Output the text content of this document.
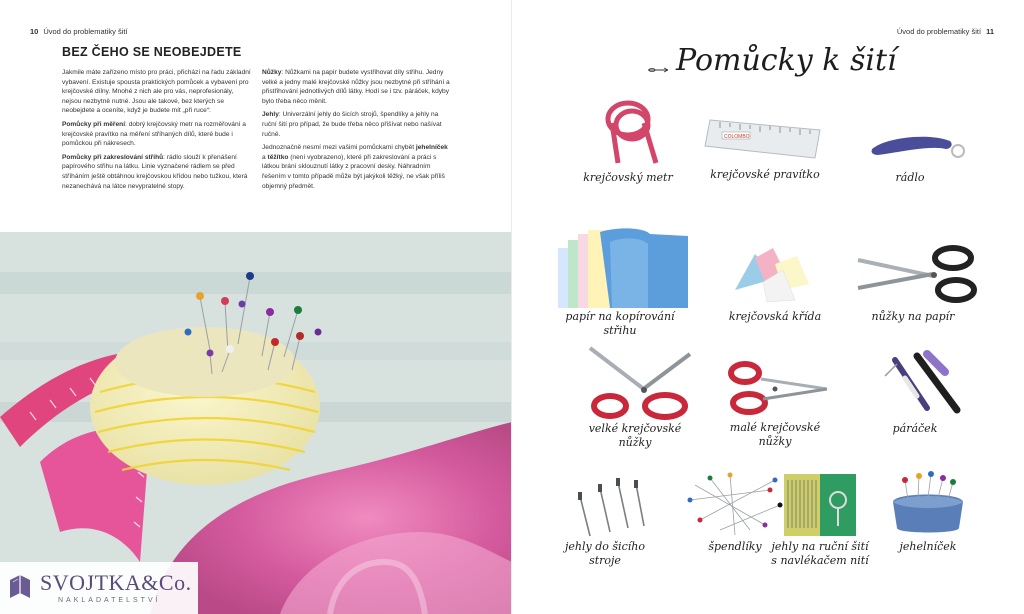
10 Úvod do problematiky šití
BEZ ČEHO SE NEOBEJDETE

Jakmile máte zařízeno místo pro práci, přichází na řadu základní vybavení. Existuje spousta praktických pomůcek a vybavení pro krejčovské dílny. Mnohé z nich ale pro vás, neprofesionály, nejsou nezbytně nutné. Jsou ale takové, bez kterých se neobejdete a oceníte, když je budete mít „při ruce“:

Pomůcky při měření: dobrý krejčovský metr na rozměřování a krejčovské pravítko na měření stříhaných dílů, které bude i pomůckou při nákresech.

Pomůcky při zakreslování střihů: rádlo slouží k přenášení papírového střihu na látku. Linie vyznačené rádlem se před stříháním ještě obtáhnou krejčovskou křídou nebo tužkou, která nezanechává na látce nevypratelné stopy.

Nůžky: Nůžkami na papír budete vystřihovat díly střihu. Jedny velké a jedny malé krejčovské nůžky jsou nezbytné při stříhání a přistřihování jednotlivých dílů látky. Hodí se i tzv. páráček, kdyby bylo třeba něco měnit.

Jehly: Univerzální jehly do šicích strojů, špendlíky a jehly na ruční šití pro případ, že bude třeba něco přišívat nebo našívat ručně.

Jednoznačně nesmí mezi vašimi pomůckami chybět jehelníček a těžítko (není vyobrazeno), které při zakreslování a práci s látkou brání sklouznutí látky z pracovní desky. Náhradním řešením v tomto případě může být jakýkoli těžký, ne však příliš objemný předmět.

SVOJTKA&Co.
NAKLADATELSTVÍ
Úvod do problematiky šití 11
Pomůcky k šití
krejčovský metr
COLOMBO
krejčovské pravítko	rádlo
papír na kopírování
střihu
krejčovská křída	nůžky na papír
velké krejčovské
nůžky
malé krejčovské
nůžky
páráček
jehly do šicího
stroje
špendlíky jehly na ruční šití
s navlékačem nití
jehelníček
